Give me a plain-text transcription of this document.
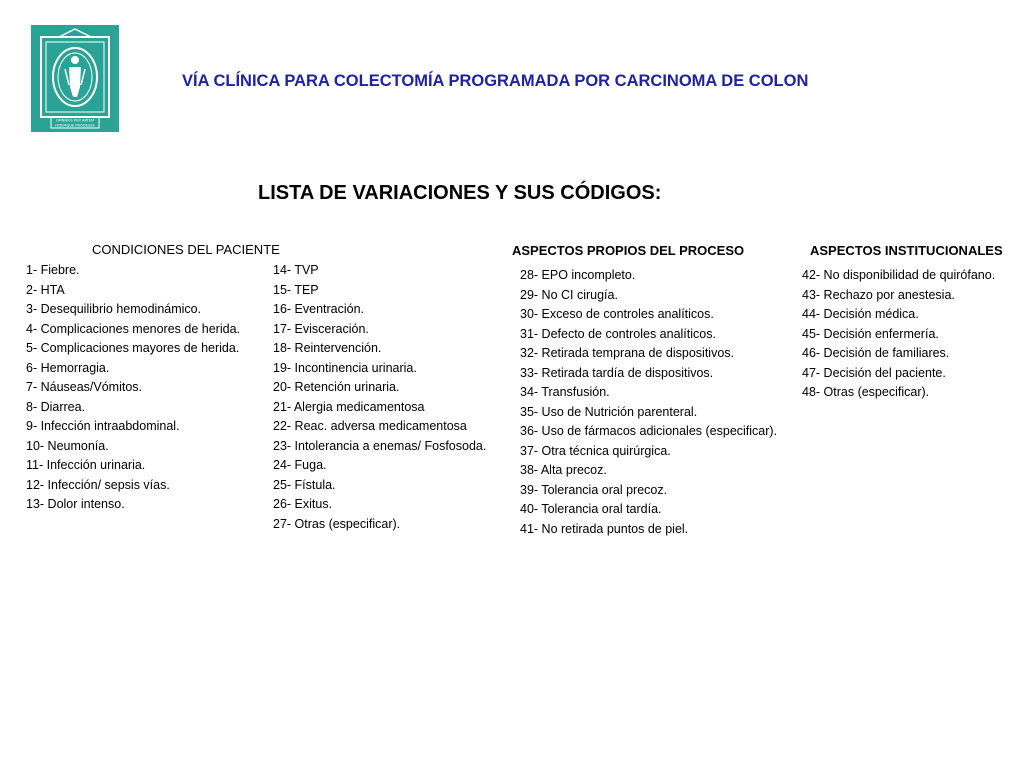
OMNIBUS PER ARTEM
FIDEMQUE PRODESSE
VÍA CLÍNICA PARA COLECTOMÍA PROGRAMADA POR CARCINOMA DE COLON
LISTA DE VARIACIONES Y SUS CÓDIGOS:
CONDICIONES DEL PACIENTE	ASPECTOS PROPIOS DEL PROCESO	ASPECTOS INSTITUCIONALES
1- Fiebre.
2- HTA
3- Desequilibrio hemodinámico.
4- Complicaciones menores de herida.
5- Complicaciones mayores de herida.
6- Hemorragia.
7- Náuseas/Vómitos.
8- Diarrea.
9- Infección intraabdominal.
10- Neumonía.
11- Infección urinaria.
12- Infección/ sepsis vías.
13- Dolor intenso.
14- TVP
15- TEP
16- Eventración.
17- Evisceración.
18- Reintervención.
19- Incontinencia urinaria.
20- Retención urinaria.
21- Alergia medicamentosa
22- Reac. adversa medicamentosa
23- Intolerancia a enemas/ Fosfosoda.
24- Fuga.
25- Fístula.
26- Exitus.
27- Otras (especificar).
28- EPO incompleto.
29- No CI cirugía.
30- Exceso de controles analíticos.
31- Defecto de controles analíticos.
32- Retirada temprana de dispositivos.
33- Retirada tardía de dispositivos.
34- Transfusión.
35- Uso de Nutrición parenteral.
36- Uso de fármacos adicionales (especificar).
37- Otra técnica quirúrgica.
38- Alta precoz.
39- Tolerancia oral precoz.
40- Tolerancia oral tardía.
41- No retirada puntos de piel.
42- No disponibilidad de quirófano.
43- Rechazo por anestesia.
44- Decisión médica.
45- Decisión enfermería.
46- Decisión de familiares.
47- Decisión del paciente.
48- Otras (especificar).
